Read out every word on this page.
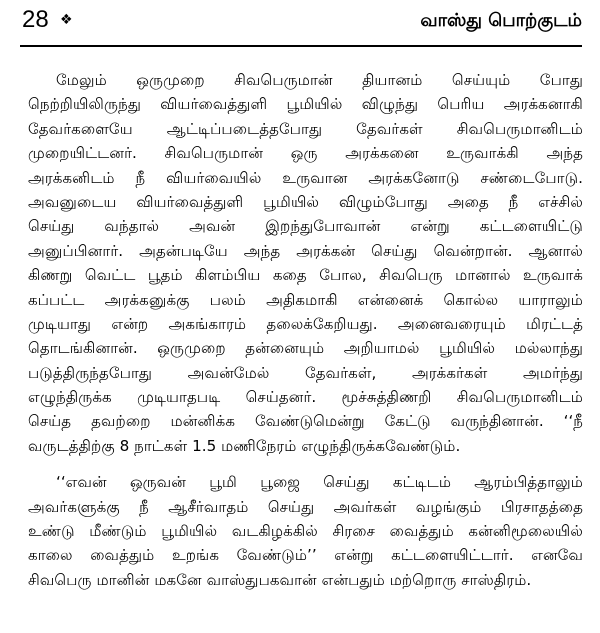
28 ❖	வாஸ்து பொற்குடம்
மேலும் ஒருமுறை சிவபெருமான் தியானம் செய்யும் போது
நெற்றியிலிருந்து வியர்வைத்துளி பூமியில் விழுந்து பெரிய அரக்கனாகி
தேவர்களையே ஆட்டிப்படைத்தபோது தேவர்கள் சிவபெருமானிடம்
முறையிட்டனர். சிவபெருமான் ஒரு அரக்கனை உருவாக்கி அந்த
அரக்கனிடம் நீ வியர்வையில் உருவான அரக்கனோடு சண்டைபோடு.
அவனுடைய வியர்வைத்துளி பூமியில் விழும்போது அதை நீ எச்சில்
செய்து வந்தால் அவன் இறந்துபோவான் என்று கட்டளையிட்டு
அனுப்பினார். அதன்படியே அந்த அரக்கன் செய்து வென்றான். ஆனால்
கிணறு வெட்ட பூதம் கிளம்பிய கதை போல, சிவபெரு மானால் உருவாக்
கப்பட்ட அரக்கனுக்கு பலம் அதிகமாகி என்னைக் கொல்ல யாராலும்
முடியாது என்ற அகங்காரம் தலைக்கேறியது. அனைவரையும் மிரட்டத்
தொடங்கினான். ஒருமுறை தன்னையும் அறியாமல் பூமியில் மல்லாந்து
படுத்திருந்தபோது அவன்மேல் தேவர்கள், அரக்கர்கள் அமர்ந்து
எழுந்திருக்க முடியாதபடி செய்தனர். மூச்சுத்திணறி சிவபெருமானிடம்
செய்த தவற்றை மன்னிக்க வேண்டுமென்று கேட்டு வருந்தினான். ‘‘நீ
வருடத்திற்கு 8 நாட்கள் 1.5 மணிநேரம் எழுந்திருக்கவேண்டும்.
‘‘எவன் ஒருவன் பூமி பூஜை செய்து கட்டிடம் ஆரம்பித்தாலும்
அவர்களுக்கு நீ ஆசீர்வாதம் செய்து அவர்கள் வழங்கும் பிரசாதத்தை
உண்டு மீண்டும் பூமியில் வடகிழக்கில் சிரசை வைத்தும் கன்னிமூலையில்
காலை வைத்தும் உறங்க வேண்டும்’’ என்று கட்டளையிட்டார். எனவே
சிவபெரு மானின் மகனே வாஸ்துபகவான் என்பதும் மற்றொரு சாஸ்திரம்.
